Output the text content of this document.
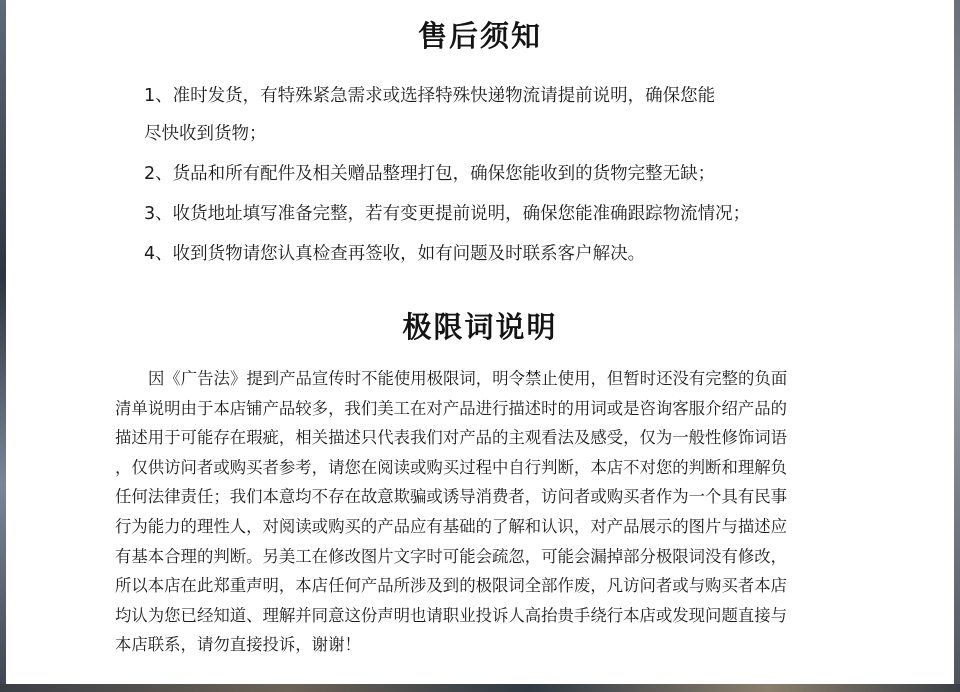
售后须知
1、准时发货，有特殊紧急需求或选择特殊快递物流请提前说明，确保您能
尽快收到货物；
2、货品和所有配件及相关赠品整理打包，确保您能收到的货物完整无缺；
3、收货地址填写准备完整，若有变更提前说明，确保您能准确跟踪物流情况；
4、收到货物请您认真检查再签收，如有问题及时联系客户解决。
极限词说明
因《广告法》提到产品宣传时不能使用极限词，明令禁止使用，但暂时还没有完整的负面
清单说明由于本店铺产品较多，我们美工在对产品进行描述时的用词或是咨询客服介绍产品的
描述用于可能存在瑕疵，相关描述只代表我们对产品的主观看法及感受，仅为一般性修饰词语
，仅供访问者或购买者参考，请您在阅读或购买过程中自行判断，本店不对您的判断和理解负
任何法律责任；我们本意均不存在故意欺骗或诱导消费者，访问者或购买者作为一个具有民事
行为能力的理性人，对阅读或购买的产品应有基础的了解和认识，对产品展示的图片与描述应
有基本合理的判断。另美工在修改图片文字时可能会疏忽，可能会漏掉部分极限词没有修改，
所以本店在此郑重声明，本店任何产品所涉及到的极限词全部作废，凡访问者或与购买者本店
均认为您已经知道、理解并同意这份声明也请职业投诉人高抬贵手绕行本店或发现问题直接与
本店联系，请勿直接投诉，谢谢！
